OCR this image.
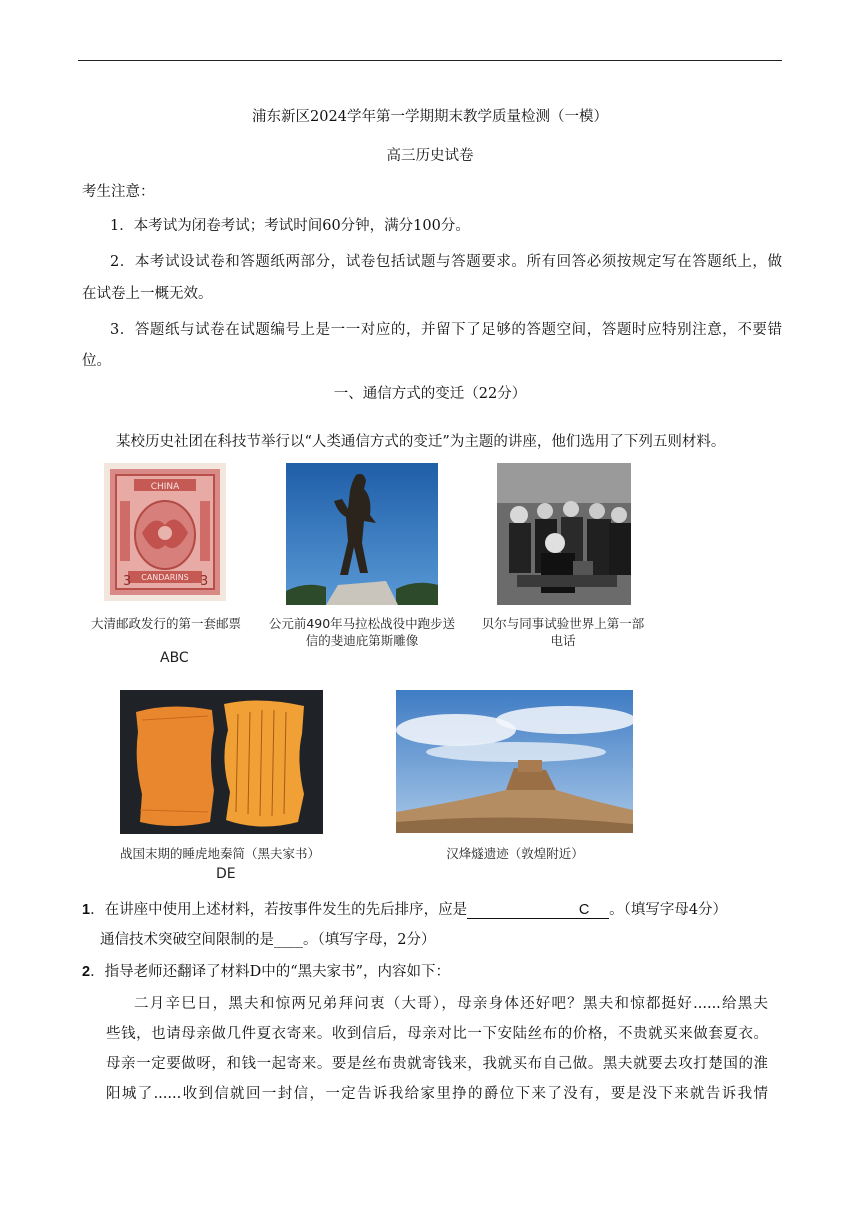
浦东新区2024学年第一学期期末教学质量检测（一模）
高三历史试卷
考生注意：
1．本考试为闭卷考试；考试时间60分钟，满分100分。
2．本考试设试卷和答题纸两部分，试卷包括试题与答题要求。所有回答必须按规定写在答题纸上，做
在试卷上一概无效。
3．答题纸与试卷在试题编号上是一一对应的，并留下了足够的答题空间，答题时应特别注意，不要错
位。
一、通信方式的变迁（22分）
某校历史社团在科技节举行以“人类通信方式的变迁”为主题的讲座，他们选用了下列五则材料。
CHINA
CANDARINS
3	3
大清邮政发行的第一套邮票	公元前490年马拉松战役中跑步送
信的斐迪庇第斯雕像
贝尔与同事试验世界上第一部
电话
ABC
战国末期的睡虎地秦简（黑夫家书）	汉烽燧遗迹（敦煌附近）
DE
1．在讲座中使用上述材料，若按事件发生的先后排序，应是	C 。（填写字母4分）
通信技术突破空间限制的是____。（填写字母，2分）
2．指导老师还翻译了材料D中的“黑夫家书”，内容如下：
二月辛巳日，黑夫和惊两兄弟拜问衷（大哥），母亲身体还好吧？黑夫和惊都挺好......给黑夫
些钱，也请母亲做几件夏衣寄来。收到信后，母亲对比一下安陆丝布的价格，不贵就买来做套夏衣。
母亲一定要做呀，和钱一起寄来。要是丝布贵就寄钱来，我就买布自己做。黑夫就要去攻打楚国的淮
阳城了......收到信就回一封信，一定告诉我给家里挣的爵位下来了没有，要是没下来就告诉我情
